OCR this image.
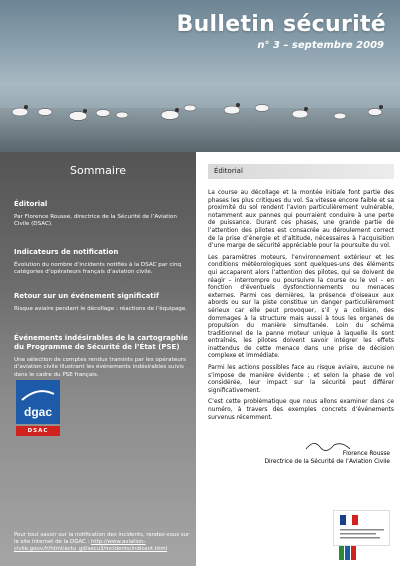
Bulletin sécurité
n° 3 – septembre 2009
Sommaire
Éditorial

Par Florence Rousse, directrice de la Sécurité de l’Aviation Civile (DSAC).

Indicateurs de notification

Évolution du nombre d’incidents notifiés à la DSAC par cinq catégories d’opérateurs français d’aviation civile.

Retour sur un événement significatif

Risque aviaire pendant le décollage : réactions de l’équipage.

Événements indésirables de la cartographie du Programme de Sécurité de l’État (PSE)

Une sélection de comptes rendus tramints par les opérateurs d’aviation civile illustrant les événements indésirables suivis dans le cadre du PSE français.

dgac
DSAC
Pour tout savoir sur la notification des incidents, rendez-vous sur le site Internet de la DGAC : http://www.aviation-civile.gouv.fr/html/actu_gd/secu3/incidents/indicent.html
Éditorial

La course au décollage et la montée initiale font partie des phases les plus critiques du vol. Sa vitesse encore faible et sa proximité du sol rendent l’avion particulièrement vulnérable, notamment aux pannes qui pourraient conduire à une perte de puissance. Durant ces phases, une grande partie de l’attention des pilotes est consacrée au déroulement correct de la prise d’énergie et d’altitude, nécessaires à l’acquisition d’une marge de sécurité appréciable pour la poursuite du vol.

Les paramètres moteurs, l’environnement extérieur et les conditions météorologiques sont quelques-uns des éléments qui accaparent alors l’attention des pilotes, qui se doivent de réagir – interrompre ou poursuivre la course ou le vol – en fonction d’éventuels dysfonctionnements ou menaces externes. Parmi ces dernières, la présence d’oiseaux aux abords ou sur la piste constitue un danger particulièrement sérieux car elle peut provoquer, s’il y a collision, des dommages à la structure mais aussi à tous les organes de propulsion du manière simultanée. Loin du schéma traditionnel de la panne moteur unique à laquelle ils sont entraînés, les pilotes doivent savoir intégrer les effets inattendus de cette menace dans une prise de décision complexe et immédiate.

Parmi les actions possibles face au risque aviaire, aucune ne s’impose de manière évidente ; et selon la phase de vol considérée, leur impact sur la sécurité peut différer significativement.

C’est cette problématique que nous allons examiner dans ce numéro, à travers des exemples concrets d’événements survenus récemment.

Florence Rousse
Directrice de la Sécurité de l’Aviation Civile
